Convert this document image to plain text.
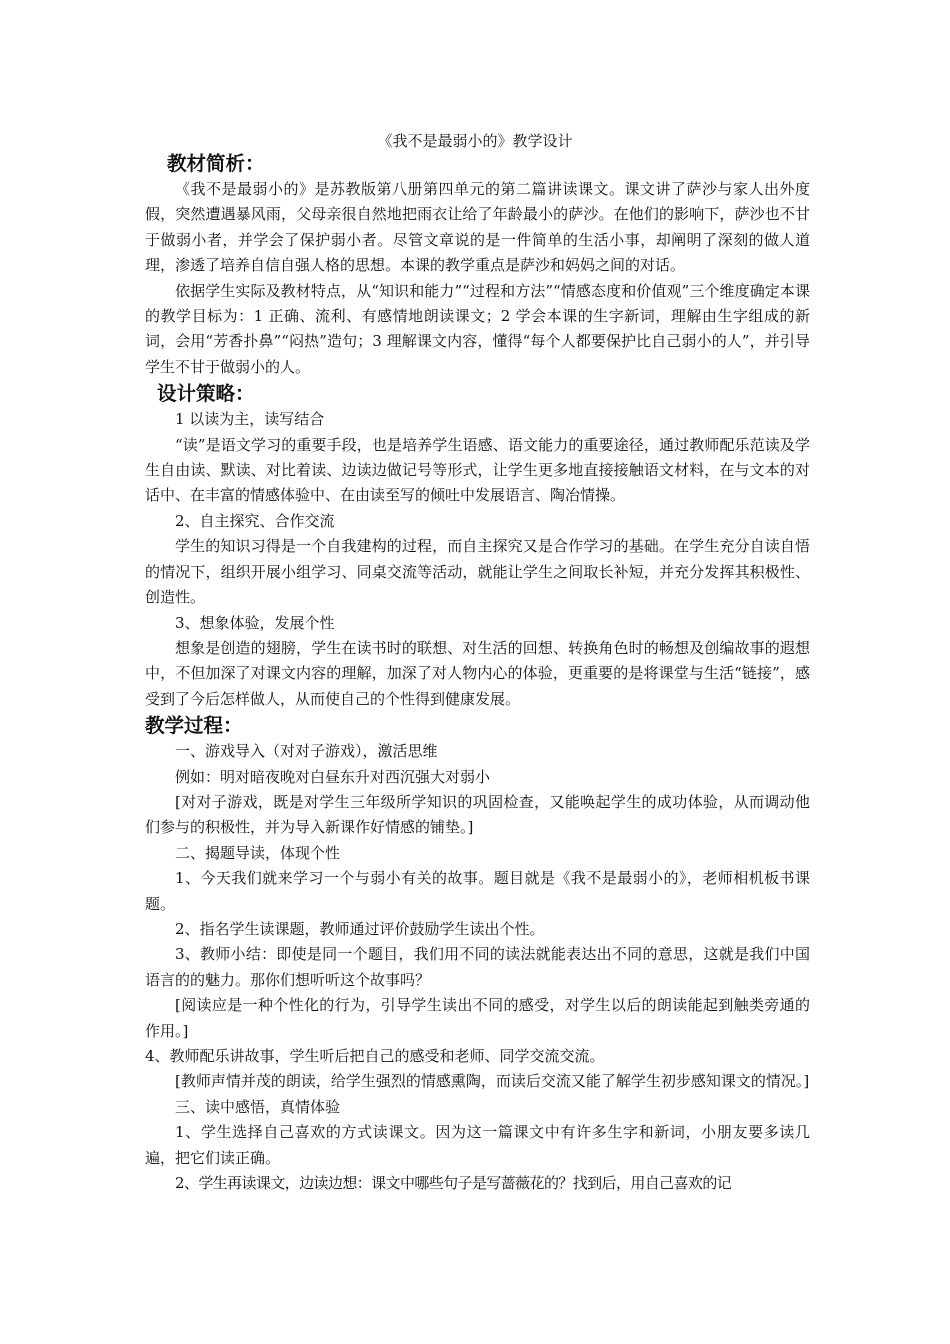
《我不是最弱小的》教学设计
教材简析：

《我不是最弱小的》是苏教版第八册第四单元的第二篇讲读课文。课文讲了萨沙与家人出外度假，突然遭遇暴风雨，父母亲很自然地把雨衣让给了年龄最小的萨沙。在他们的影响下，萨沙也不甘于做弱小者，并学会了保护弱小者。尽管文章说的是一件简单的生活小事，却阐明了深刻的做人道理，渗透了培养自信自强人格的思想。本课的教学重点是萨沙和妈妈之间的对话。

依据学生实际及教材特点，从“知识和能力”“过程和方法”“情感态度和价值观”三个维度确定本课的教学目标为：1 正确、流利、有感情地朗读课文；2 学会本课的生字新词，理解由生字组成的新词，会用“芳香扑鼻”“闷热”造句；3 理解课文内容，懂得“每个人都要保护比自己弱小的人”，并引导学生不甘于做弱小的人。

设计策略：

1 以读为主，读写结合

“读”是语文学习的重要手段，也是培养学生语感、语文能力的重要途径，通过教师配乐范读及学生自由读、默读、对比着读、边读边做记号等形式，让学生更多地直接接触语文材料，在与文本的对话中、在丰富的情感体验中、在由读至写的倾吐中发展语言、陶冶情操。

2、自主探究、合作交流

学生的知识习得是一个自我建构的过程，而自主探究又是合作学习的基础。在学生充分自读自悟的情况下，组织开展小组学习、同桌交流等活动，就能让学生之间取长补短，并充分发挥其积极性、创造性。

3、想象体验，发展个性

想象是创造的翅膀，学生在读书时的联想、对生活的回想、转换角色时的畅想及创编故事的遐想中，不但加深了对课文内容的理解，加深了对人物内心的体验，更重要的是将课堂与生活“链接”，感受到了今后怎样做人，从而使自己的个性得到健康发展。

教学过程：

一、游戏导入（对对子游戏），激活思维

例如：明对暗夜晚对白昼东升对西沉强大对弱小

[对对子游戏，既是对学生三年级所学知识的巩固检查，又能唤起学生的成功体验，从而调动他们参与的积极性，并为导入新课作好情感的铺垫。]

二、揭题导读，体现个性

1、今天我们就来学习一个与弱小有关的故事。题目就是《我不是最弱小的》，老师相机板书课题。

2、指名学生读课题，教师通过评价鼓励学生读出个性。

3、教师小结：即使是同一个题目，我们用不同的读法就能表达出不同的意思，这就是我们中国语言的的魅力。那你们想听听这个故事吗？

[阅读应是一种个性化的行为，引导学生读出不同的感受，对学生以后的朗读能起到触类旁通的作用。]

4、教师配乐讲故事，学生听后把自己的感受和老师、同学交流交流。

[教师声情并茂的朗读，给学生强烈的情感熏陶，而读后交流又能了解学生初步感知课文的情况。]

三、读中感悟，真情体验

1、学生选择自己喜欢的方式读课文。因为这一篇课文中有许多生字和新词，小朋友要多读几遍，把它们读正确。

2、学生再读课文，边读边想：课文中哪些句子是写蔷薇花的？找到后，用自己喜欢的记
